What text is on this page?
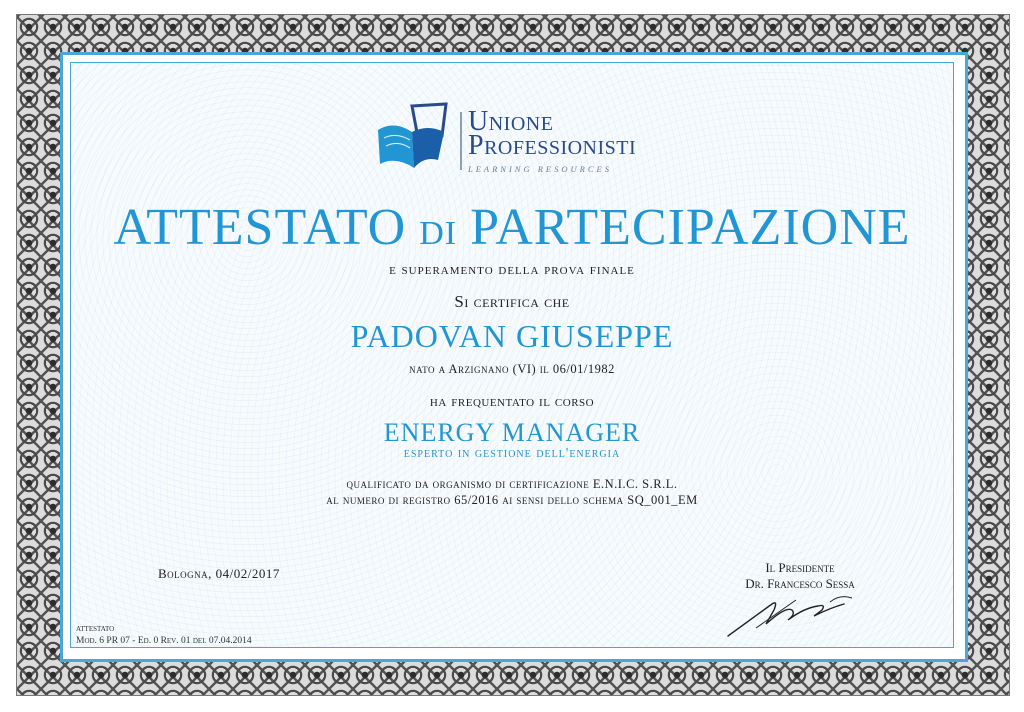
Unione
Professionisti
LEARNING RESOURCES
ATTESTATO di PARTECIPAZIONE
e superamento della prova finale
Si certifica che
PADOVAN GIUSEPPE
nato a Arzignano (VI) il 06/01/1982
ha frequentato il corso
ENERGY MANAGER
esperto in gestione dell'energia
qualificato da organismo di certificazione E.N.I.C. S.R.L.
al numero di registro 65/2016 ai sensi dello schema SQ_001_EM
Bologna, 04/02/2017	Il Presidente
Dr. Francesco Sessa
attestato
Mod. 6 PR 07 - Ed. 0 Rev. 01 del 07.04.2014
